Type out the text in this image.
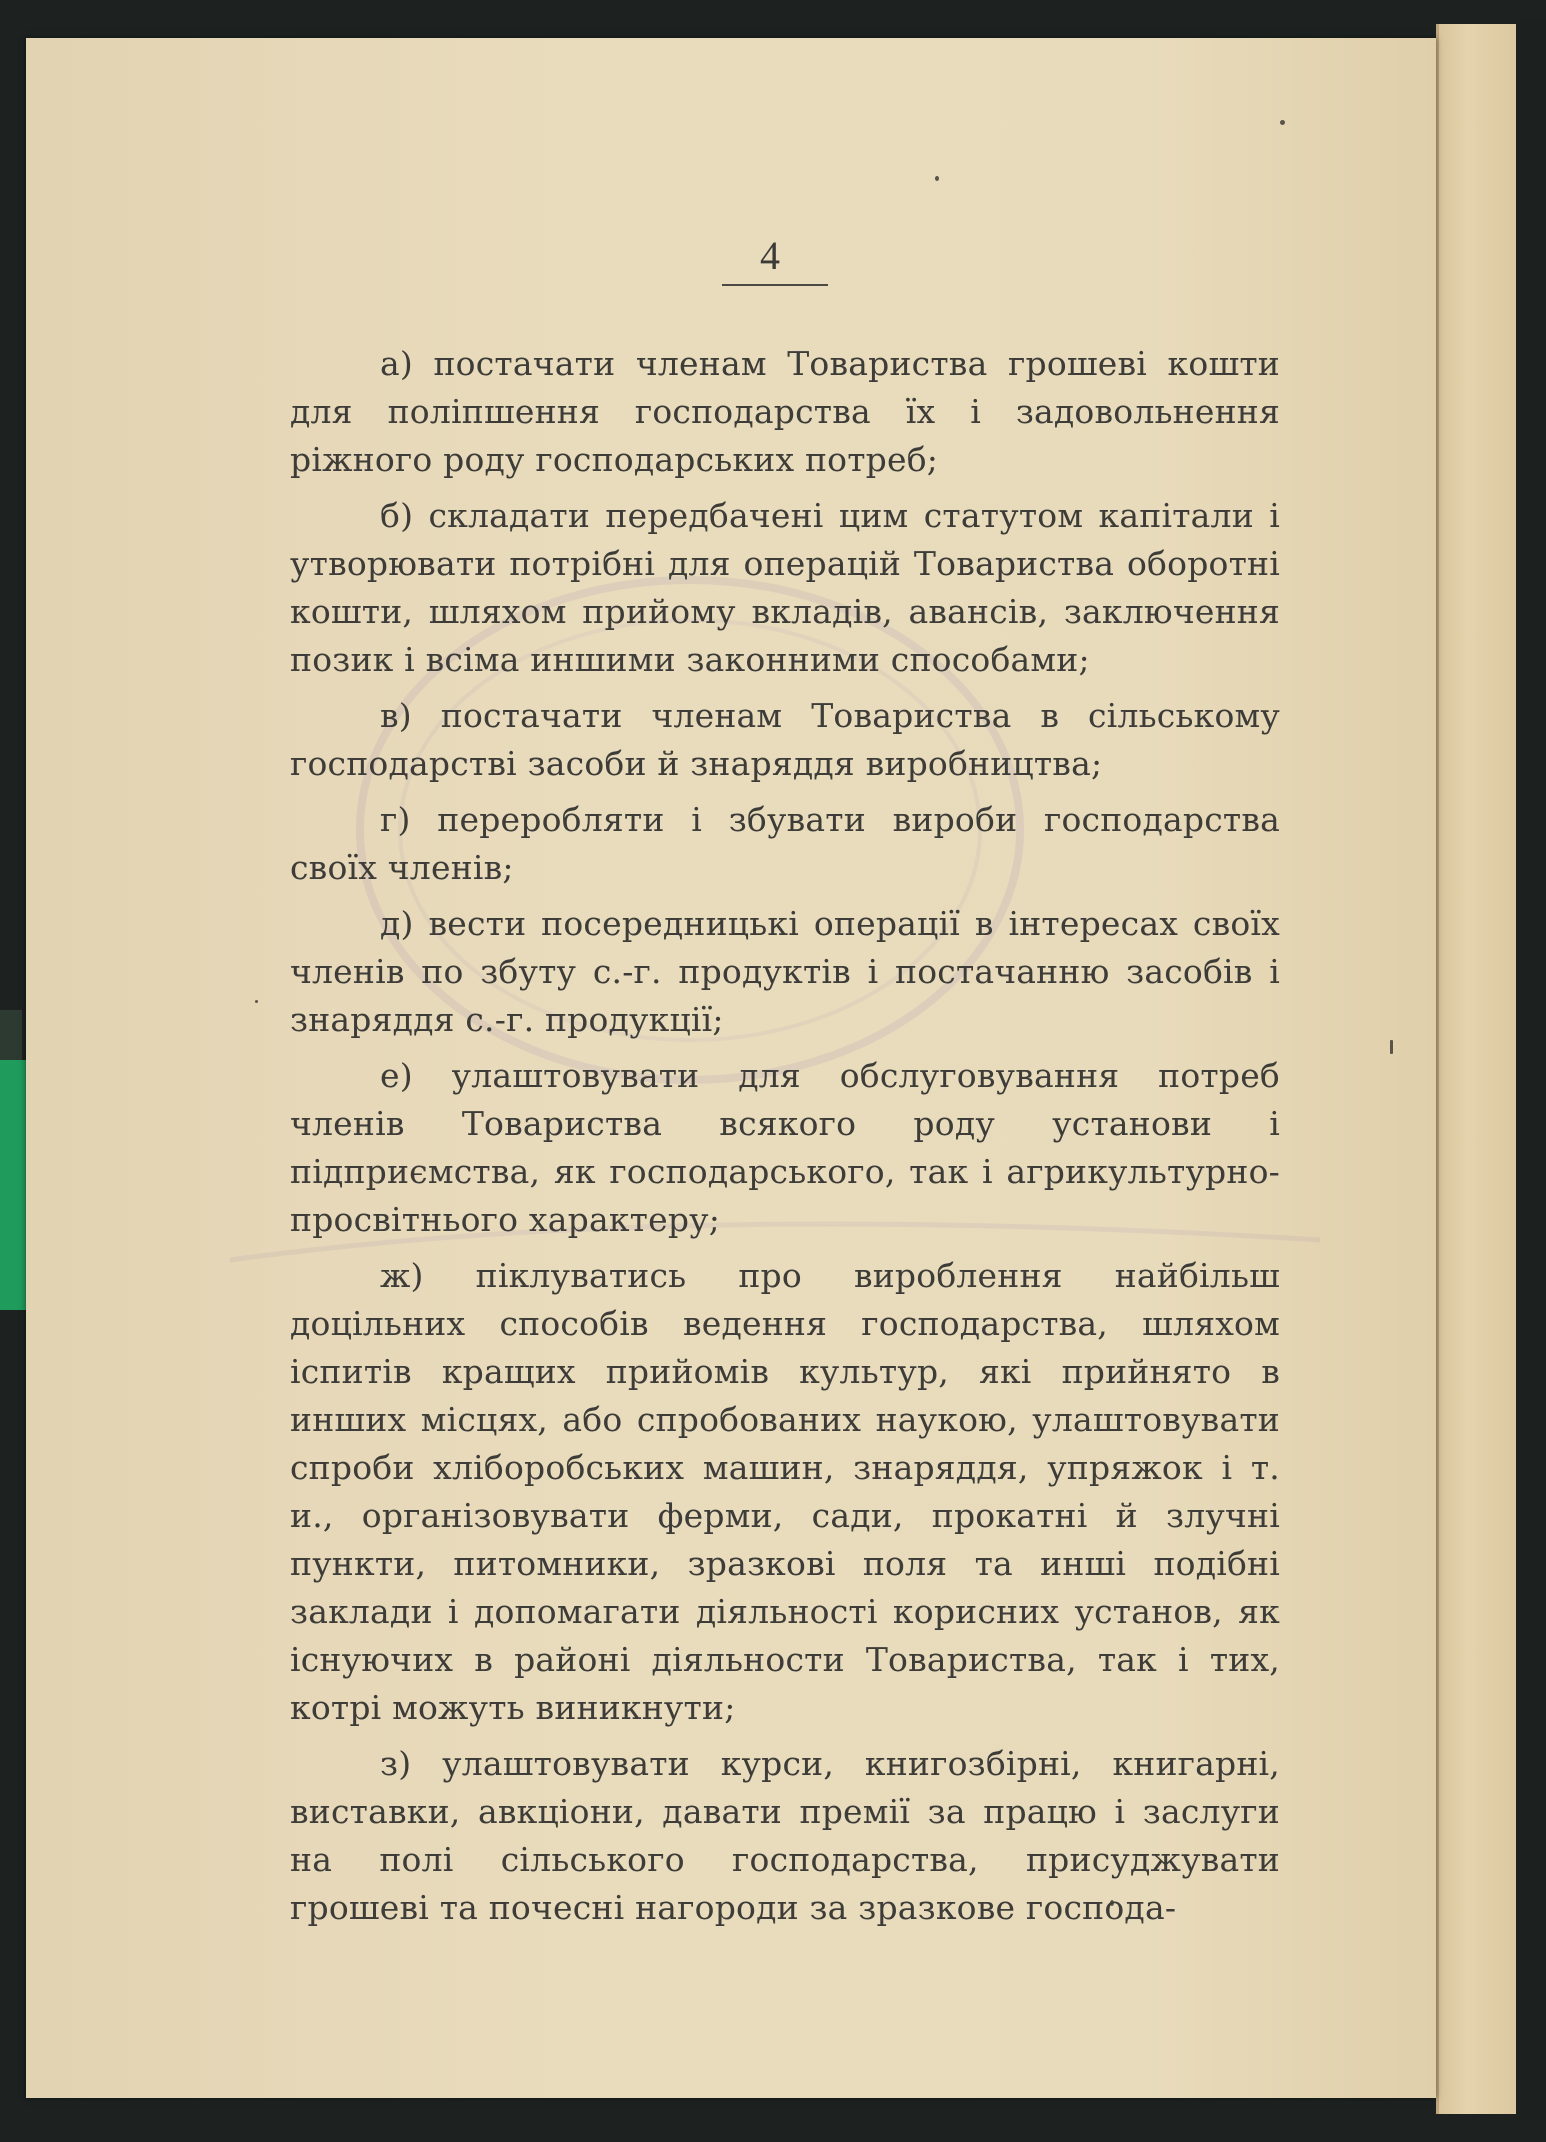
4

а) постачати членам Товариства грошеві кошти для поліпшення господарства їх і задовольнення ріжного роду господарських потреб;

б) складати передбачені цим статутом капітали і утворювати потрібні для операцій Товариства оборотні кошти, шляхом прийому вкладів, авансів, заключення позик і всіма иншими законними способами;

в) постачати членам Товариства в сільському господарстві засоби й знаряддя виробництва;

г) переробляти і збувати вироби господарства своїх членів;

д) вести посередницькі операції в інтересах своїх членів по збуту с.-г. продуктів і постачанню засобів і знаряддя с.-г. продукції;

е) улаштовувати для обслуговування потреб членів Товариства всякого роду установи і підприємства, як господарського, так і агрикультурно-просвітнього характеру;

ж) піклуватись про вироблення найбільш доцільних способів ведення господарства, шляхом іспитів кращих прийомів культур, які прийнято в инших місцях, або спробованих наукою, улаштовувати спроби хліборобських машин, знаряддя, упряжок і т. и., організовувати ферми, сади, прокатні й злучні пункти, питомники, зразкові поля та инші подібні заклади і допомагати діяльності корисних установ, як існуючих в районі діяльности Товариства, так і тих, котрі можуть виникнути;

з) улаштовувати курси, книгозбірні, книгарні, виставки, авкціони, давати премії за працю і заслуги на полі сільського господарства, присуджувати грошеві та почесні нагороди за зразкове господа-
